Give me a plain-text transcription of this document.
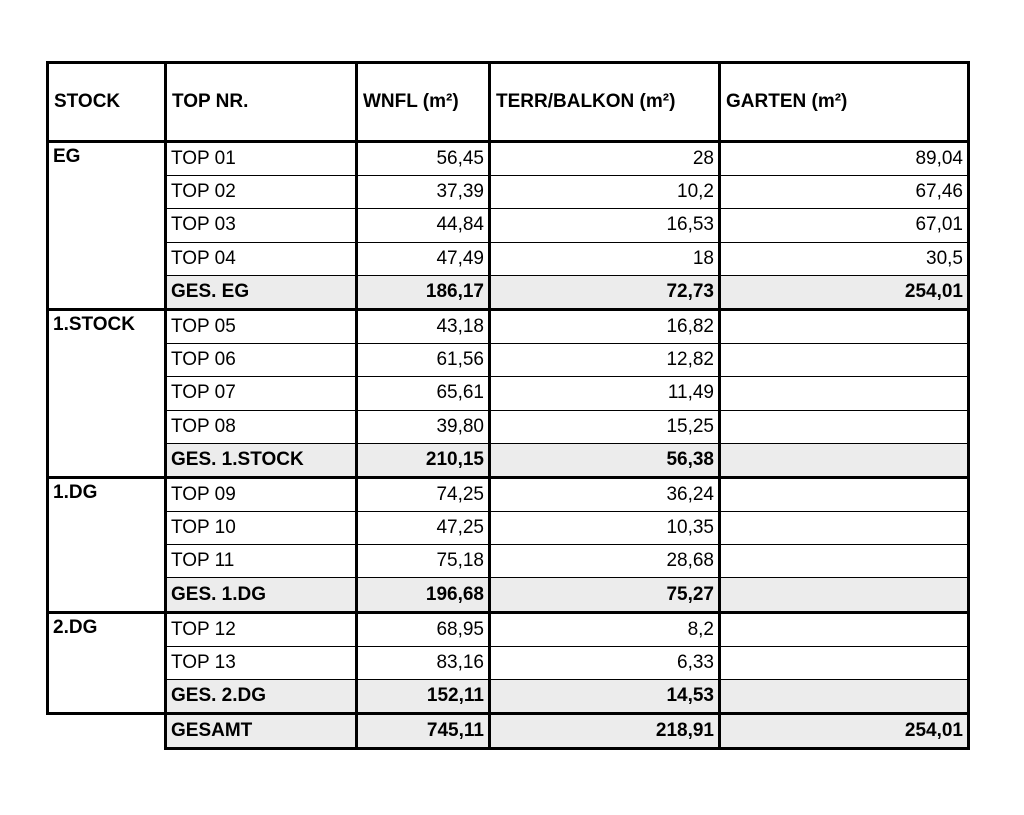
STOCK	TOP NR.	WNFL (m²)	TERR/BALKON (m²)	GARTEN (m²)
EG	TOP 01	56,45	28	89,04
	TOP 02	37,39	10,2	67,46
	TOP 03	44,84	16,53	67,01
	TOP 04	47,49	18	30,5
	GES. EG	186,17	72,73	254,01
1.STOCK	TOP 05	43,18	16,82	
	TOP 06	61,56	12,82	
	TOP 07	65,61	11,49	
	TOP 08	39,80	15,25	
	GES. 1.STOCK	210,15	56,38	
1.DG	TOP 09	74,25	36,24	
	TOP 10	47,25	10,35	
	TOP 11	75,18	28,68	
	GES. 1.DG	196,68	75,27	
2.DG	TOP 12	68,95	8,2	
	TOP 13	83,16	6,33	
	GES. 2.DG	152,11	14,53	
	GESAMT	745,11	218,91	254,01
